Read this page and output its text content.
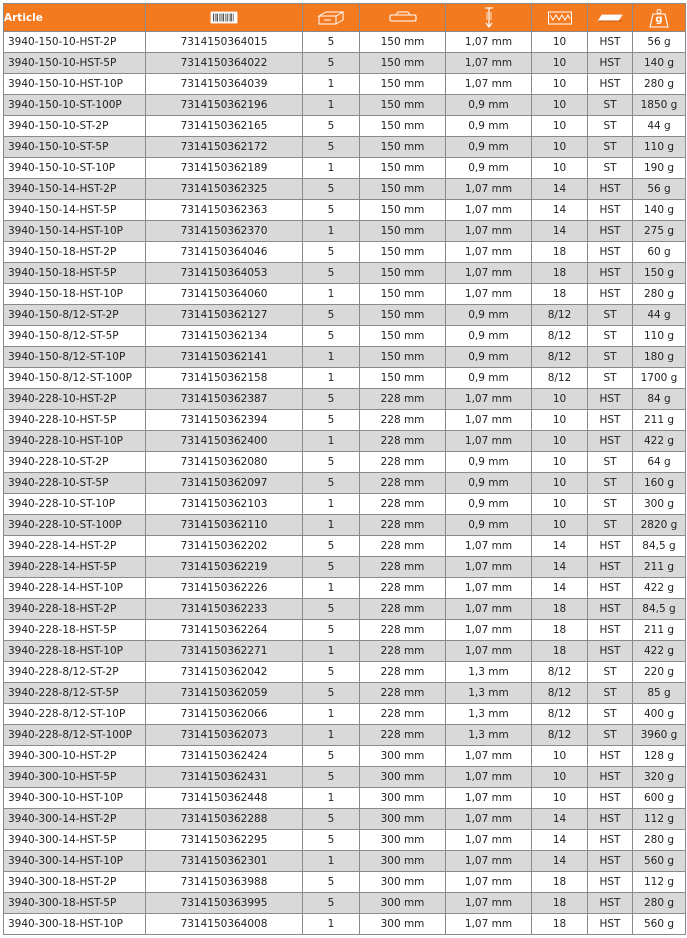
Article							g

3940-150-10-HST-2P	7314150364015	5	150 mm	1,07 mm	10	HST	56 g
3940-150-10-HST-5P	7314150364022	5	150 mm	1,07 mm	10	HST	140 g
3940-150-10-HST-10P	7314150364039	1	150 mm	1,07 mm	10	HST	280 g
3940-150-10-ST-100P	7314150362196	1	150 mm	0,9 mm	10	ST	1850 g
3940-150-10-ST-2P	7314150362165	5	150 mm	0,9 mm	10	ST	44 g
3940-150-10-ST-5P	7314150362172	5	150 mm	0,9 mm	10	ST	110 g
3940-150-10-ST-10P	7314150362189	1	150 mm	0,9 mm	10	ST	190 g
3940-150-14-HST-2P	7314150362325	5	150 mm	1,07 mm	14	HST	56 g
3940-150-14-HST-5P	7314150362363	5	150 mm	1,07 mm	14	HST	140 g
3940-150-14-HST-10P	7314150362370	1	150 mm	1,07 mm	14	HST	275 g
3940-150-18-HST-2P	7314150364046	5	150 mm	1,07 mm	18	HST	60 g
3940-150-18-HST-5P	7314150364053	5	150 mm	1,07 mm	18	HST	150 g
3940-150-18-HST-10P	7314150364060	1	150 mm	1,07 mm	18	HST	280 g
3940-150-8/12-ST-2P	7314150362127	5	150 mm	0,9 mm	8/12	ST	44 g
3940-150-8/12-ST-5P	7314150362134	5	150 mm	0,9 mm	8/12	ST	110 g
3940-150-8/12-ST-10P	7314150362141	1	150 mm	0,9 mm	8/12	ST	180 g
3940-150-8/12-ST-100P	7314150362158	1	150 mm	0,9 mm	8/12	ST	1700 g
3940-228-10-HST-2P	7314150362387	5	228 mm	1,07 mm	10	HST	84 g
3940-228-10-HST-5P	7314150362394	5	228 mm	1,07 mm	10	HST	211 g
3940-228-10-HST-10P	7314150362400	1	228 mm	1,07 mm	10	HST	422 g
3940-228-10-ST-2P	7314150362080	5	228 mm	0,9 mm	10	ST	64 g
3940-228-10-ST-5P	7314150362097	5	228 mm	0,9 mm	10	ST	160 g
3940-228-10-ST-10P	7314150362103	1	228 mm	0,9 mm	10	ST	300 g
3940-228-10-ST-100P	7314150362110	1	228 mm	0,9 mm	10	ST	2820 g
3940-228-14-HST-2P	7314150362202	5	228 mm	1,07 mm	14	HST	84,5 g
3940-228-14-HST-5P	7314150362219	5	228 mm	1,07 mm	14	HST	211 g
3940-228-14-HST-10P	7314150362226	1	228 mm	1,07 mm	14	HST	422 g
3940-228-18-HST-2P	7314150362233	5	228 mm	1,07 mm	18	HST	84,5 g
3940-228-18-HST-5P	7314150362264	5	228 mm	1,07 mm	18	HST	211 g
3940-228-18-HST-10P	7314150362271	1	228 mm	1,07 mm	18	HST	422 g
3940-228-8/12-ST-2P	7314150362042	5	228 mm	1,3 mm	8/12	ST	220 g
3940-228-8/12-ST-5P	7314150362059	5	228 mm	1,3 mm	8/12	ST	85 g
3940-228-8/12-ST-10P	7314150362066	1	228 mm	1,3 mm	8/12	ST	400 g
3940-228-8/12-ST-100P	7314150362073	1	228 mm	1,3 mm	8/12	ST	3960 g
3940-300-10-HST-2P	7314150362424	5	300 mm	1,07 mm	10	HST	128 g
3940-300-10-HST-5P	7314150362431	5	300 mm	1,07 mm	10	HST	320 g
3940-300-10-HST-10P	7314150362448	1	300 mm	1,07 mm	10	HST	600 g
3940-300-14-HST-2P	7314150362288	5	300 mm	1,07 mm	14	HST	112 g
3940-300-14-HST-5P	7314150362295	5	300 mm	1,07 mm	14	HST	280 g
3940-300-14-HST-10P	7314150362301	1	300 mm	1,07 mm	14	HST	560 g
3940-300-18-HST-2P	7314150363988	5	300 mm	1,07 mm	18	HST	112 g
3940-300-18-HST-5P	7314150363995	5	300 mm	1,07 mm	18	HST	280 g
3940-300-18-HST-10P	7314150364008	1	300 mm	1,07 mm	18	HST	560 g
